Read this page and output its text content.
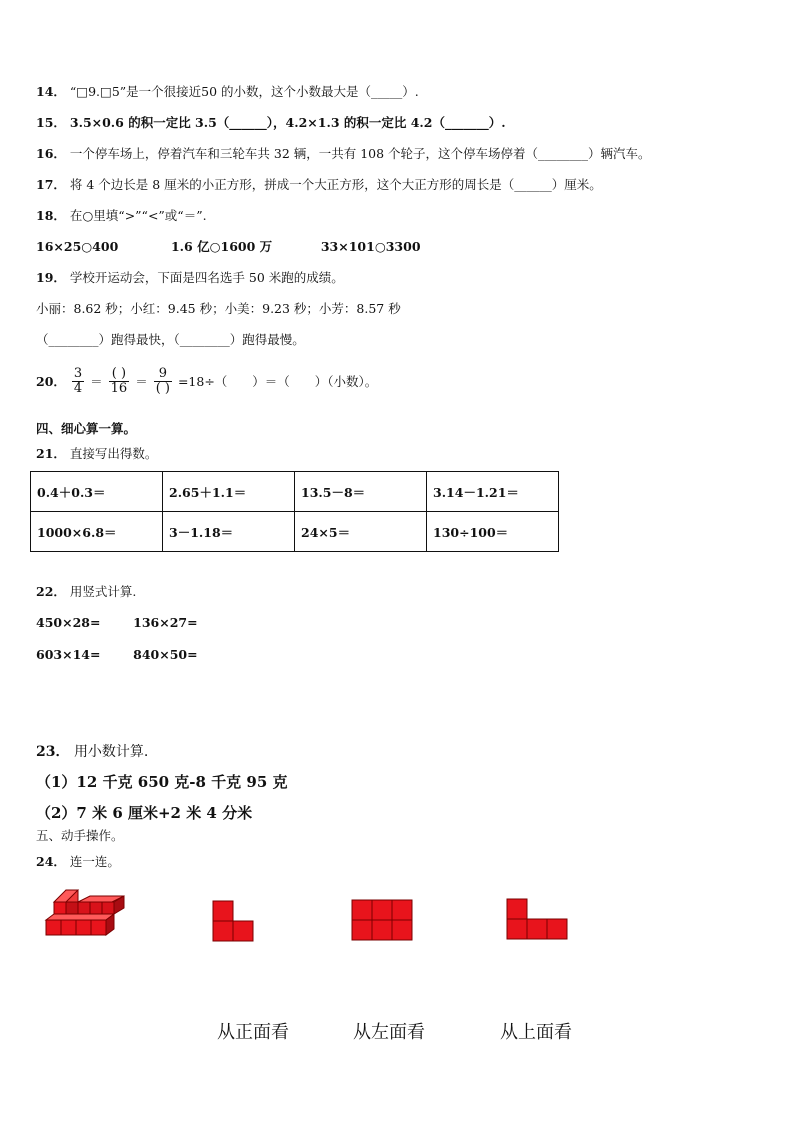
14． “□9.□5”是一个很接近50 的小数，这个小数最大是（_____）.
15． 3.5×0.6 的积一定比 3.5（______），4.2×1.3 的积一定比 4.2（_______）.
16． 一个停车场上，停着汽车和三轮车共 32 辆，一共有 108 个轮子，这个停车场停着（________）辆汽车。
17． 将 4 个边长是 8 厘米的小正方形，拼成一个大正方形，这个大正方形的周长是（______）厘米。
18． 在○里填“>”“<”或“＝”.
16×25○400	1.6 亿○1600 万	33×101○3300
19． 学校开运动会，下面是四名选手 50 米跑的成绩。
小丽：8.62 秒；小红：9.45 秒；小美：9.23 秒；小芳：8.57 秒
（________）跑得最快，（________）跑得最慢。
20． $\frac{3}{4} = \frac{( )}{16} = \frac{9}{( )} =18\div$（　　）＝（　　）（小数）。
四、细心算一算。
21． 直接写出得数。
0.4＋0.3＝	2.65＋1.1＝	13.5－8＝	3.14－1.21＝
1000×6.8＝	3－1.18＝	24×5＝	130÷100＝
22． 用竖式计算.
450×28=	136×27=
603×14=	840×50=
23． 用小数计算.
（1）12 千克 650 克-8 千克 95 克
（2）7 米 6 厘米+2 米 4 分米
五、动手操作。
24． 连一连。
从正面看	从左面看	从上面看
